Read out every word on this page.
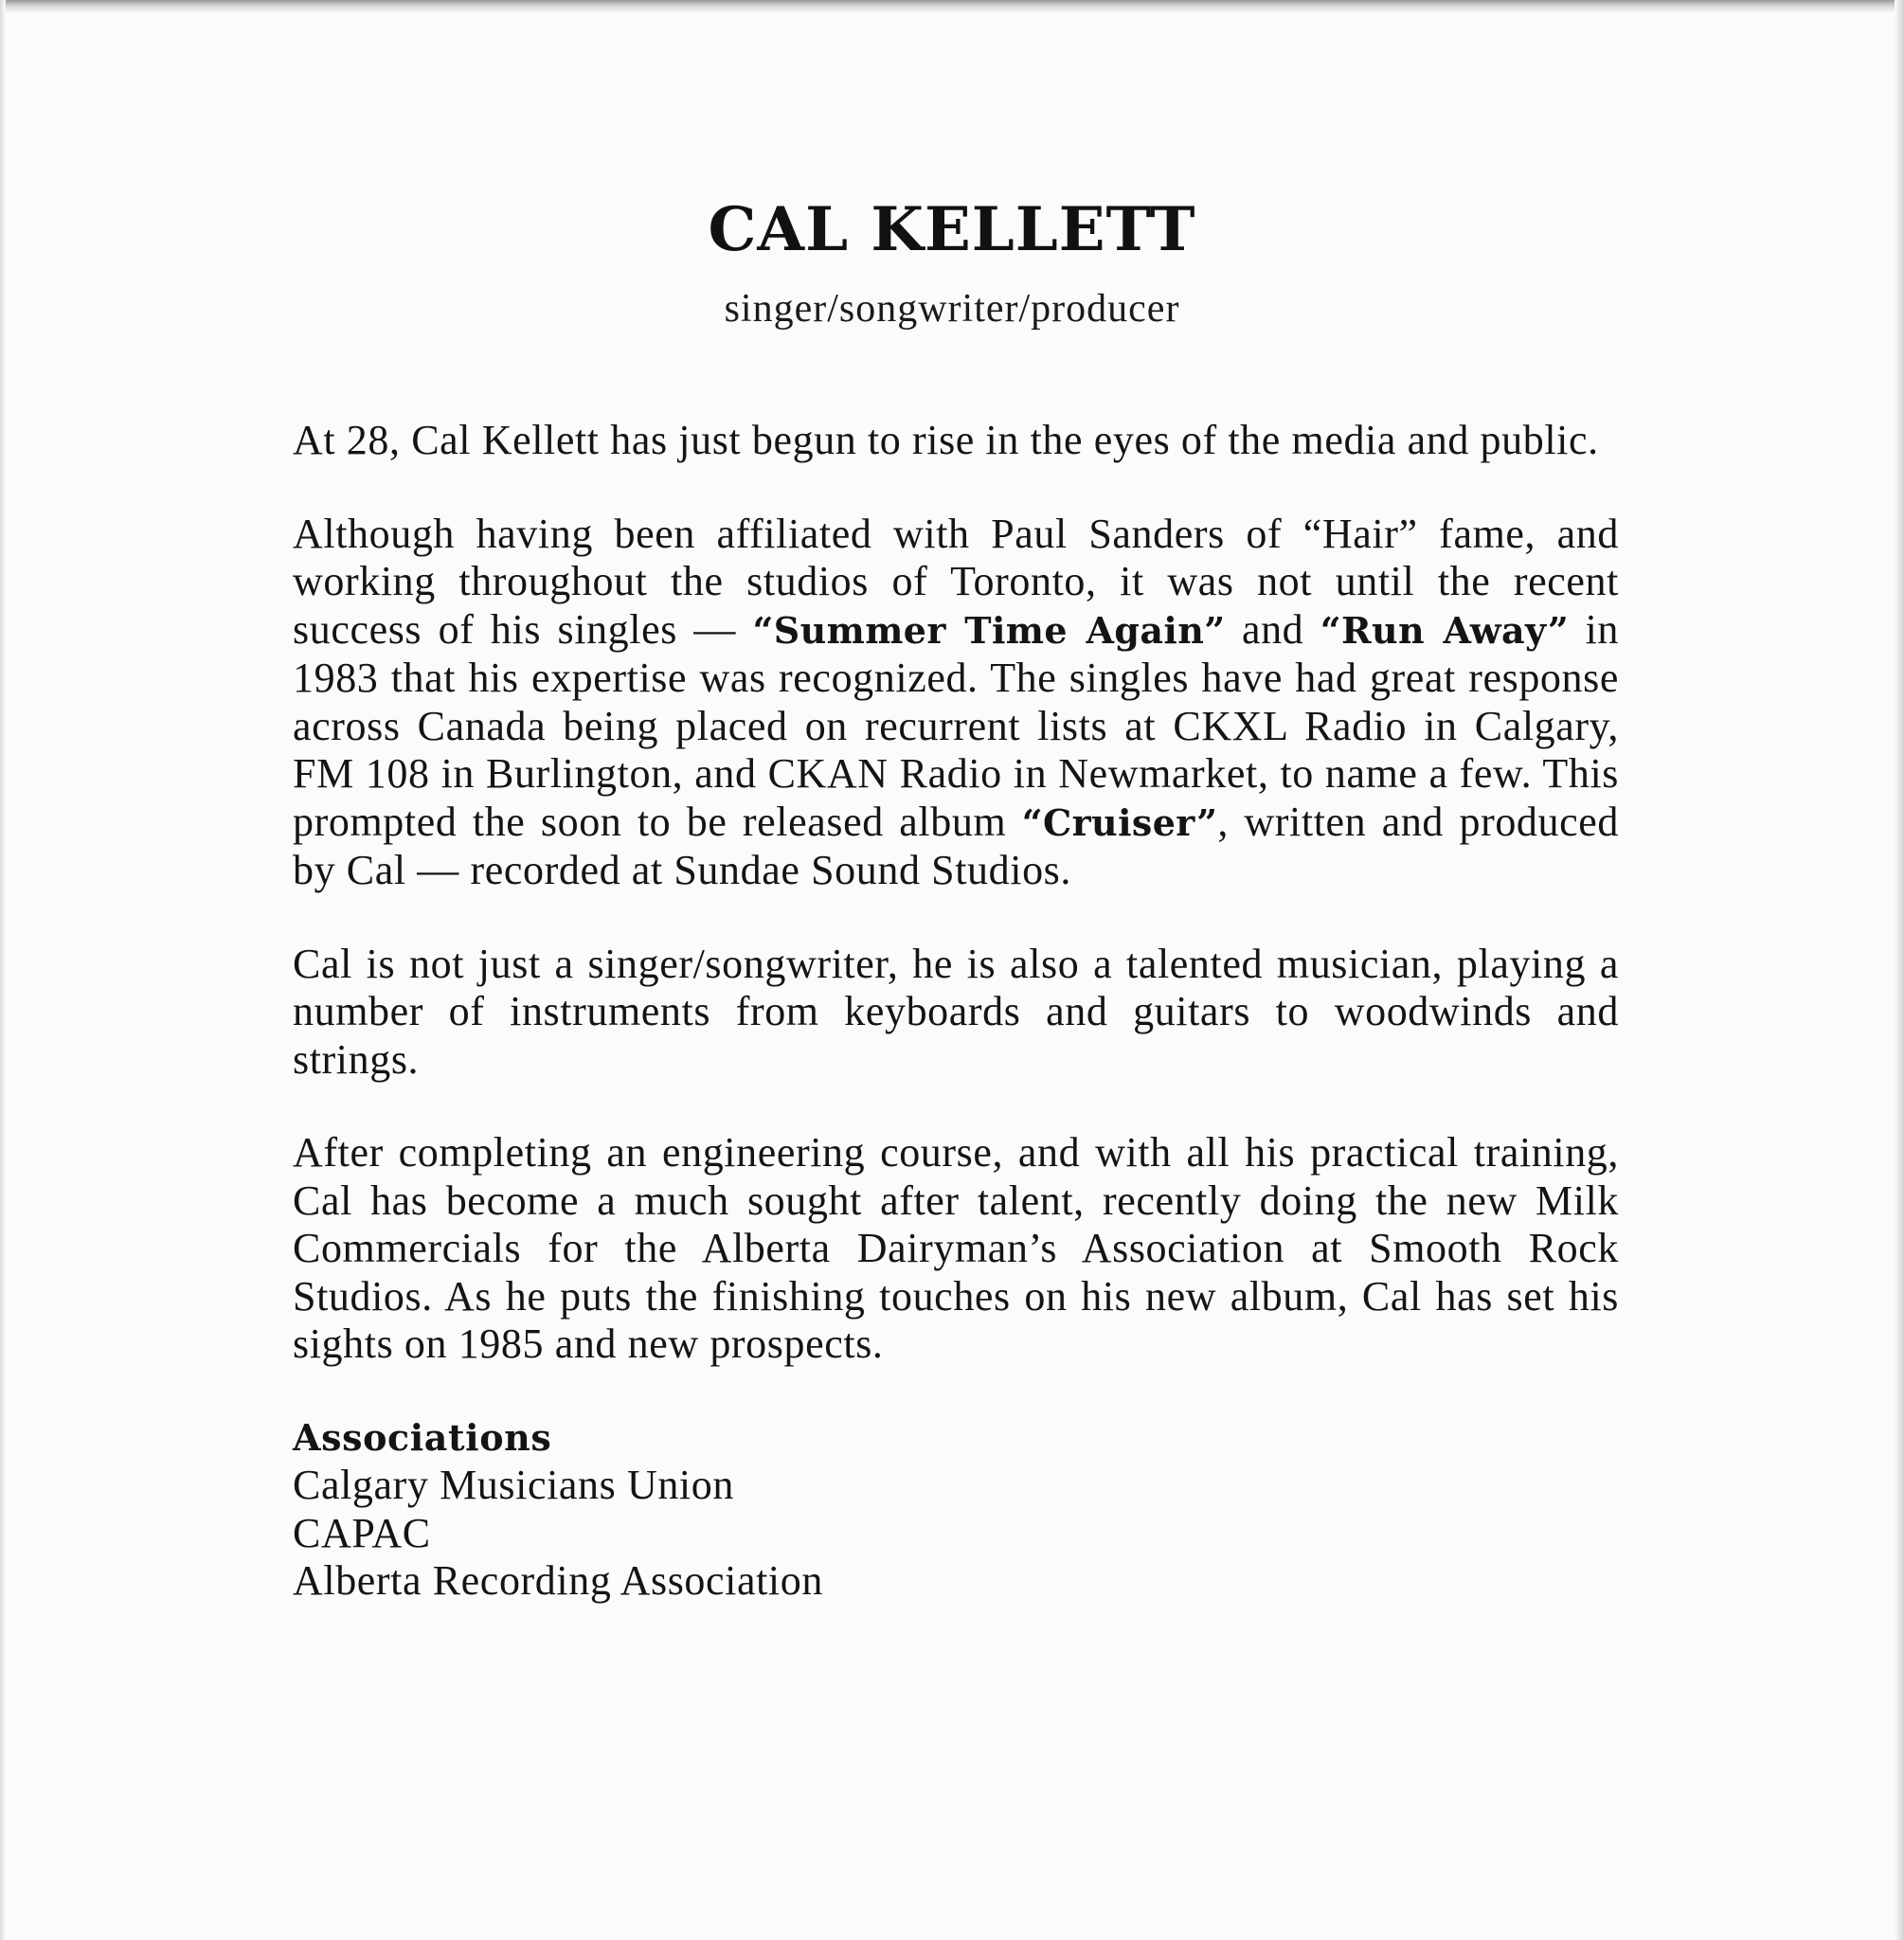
CAL KELLETT
singer/songwriter/producer

At 28, Cal Kellett has just begun to rise in the eyes of the media and public.

Although having been affiliated with Paul Sanders of “Hair” fame, and working throughout the studios of Toronto, it was not until the recent success of his singles — “Summer Time Again” and “Run Away” in 1983 that his expertise was recognized. The singles have had great response across Canada being placed on recurrent lists at CKXL Radio in Calgary, FM 108 in Burlington, and CKAN Radio in Newmarket, to name a few. This prompted the soon to be released album “Cruiser”, written and produced by Cal — recorded at Sundae Sound Studios.

Cal is not just a singer/songwriter, he is also a talented musician, playing a number of instruments from keyboards and guitars to woodwinds and strings.

After completing an engineering course, and with all his practical training, Cal has become a much sought after talent, recently doing the new Milk Commercials for the Alberta Dairyman’s Association at Smooth Rock Studios. As he puts the finishing touches on his new album, Cal has set his sights on 1985 and new prospects.

Associations
Calgary Musicians Union
CAPAC
Alberta Recording Association
